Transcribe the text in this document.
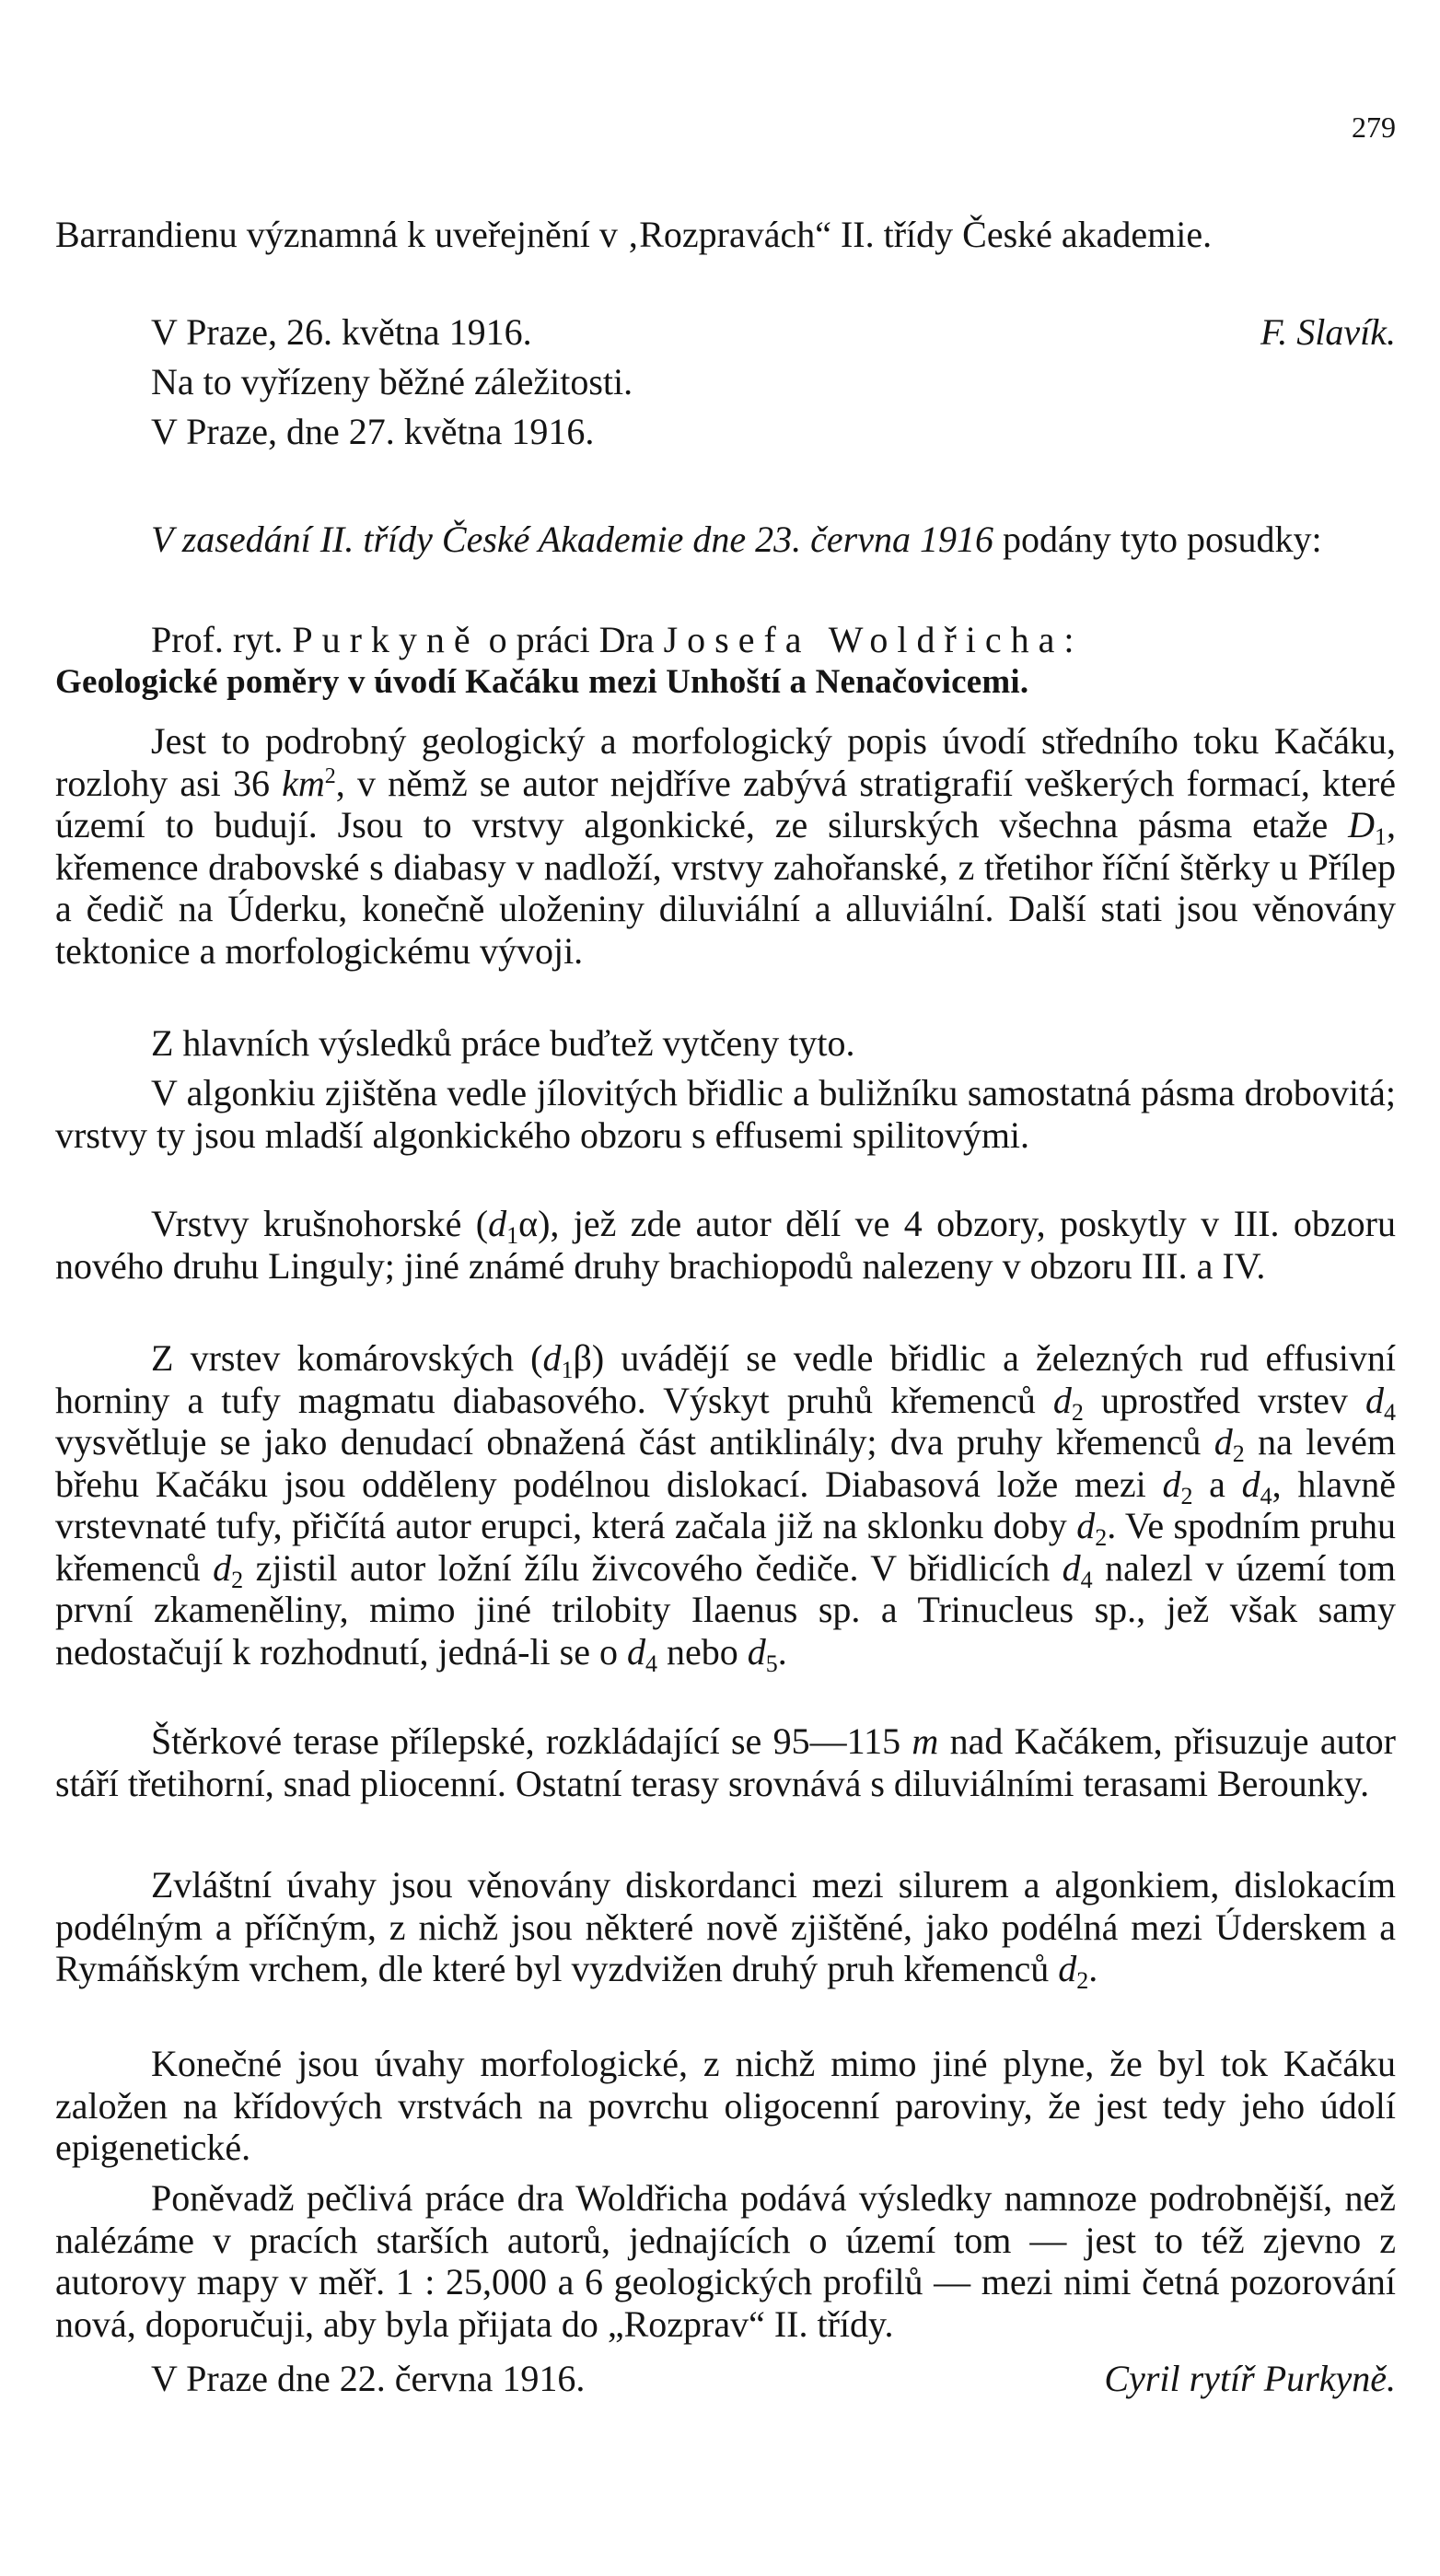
279
Barrandienu významná k uveřejnění v ‚Rozpravách“ II. třídy České akademie.
V Praze, 26. května 1916.	F. Slavík.
Na to vyřízeny běžné záležitosti.
V Praze, dne 27. května 1916.
V zasedání II. třídy České Akademie dne 23. června 1916 podány tyto posudky:
Prof. ryt. Purkyně o práci Dra Josefa Woldřicha:
Geologické poměry v úvodí Kačáku mezi Unhoští a Nenačovicemi.
Jest to podrobný geologický a morfologický popis úvodí středního toku Kačáku, rozlohy asi 36 $km^2$, v němž se autor nejdříve zabývá stratigrafií veškerých formací, které území to budují. Jsou to vrstvy algonkické, ze silurských všechna pásma etaže $D_1$, křemence drabovské s diabasy v nadloží, vrstvy zahořanské, z třetihor říční štěrky u Přílep a čedič na Úderku, konečně uloženiny diluviální a alluviální. Další stati jsou věnovány tektonice a morfologickému vývoji.
Z hlavních výsledků práce buďtež vytčeny tyto.
V algonkiu zjištěna vedle jílovitých břidlic a buližníku samostatná pásma drobovitá; vrstvy ty jsou mladší algonkického obzoru s effusemi spilitovými.
Vrstvy krušnohorské $(d_1\alpha)$, jež zde autor dělí ve 4 obzory, poskytly v III. obzoru nového druhu Linguly; jiné známé druhy brachiopodů nalezeny v obzoru III. a IV.
Z vrstev komárovských $(d_1\beta)$ uvádějí se vedle břidlic a železných rud effusivní horniny a tufy magmatu diabasového. Výskyt pruhů křemenců $d_2$ uprostřed vrstev $d_4$ vysvětluje se jako denudací obnažená část antiklinály; dva pruhy křemenců $d_2$ na levém břehu Kačáku jsou odděleny podélnou dislokací. Diabasová lože mezi $d_2$ a $d_4$, hlavně vrstevnaté tufy, přičítá autor erupci, která začala již na sklonku doby $d_2$. Ve spodním pruhu křemenců $d_2$ zjistil autor ložní žílu živcového čediče. V břidlicích $d_4$ nalezl v území tom první zkameněliny, mimo jiné trilobity Ilaenus sp. a Trinucleus sp., jež však samy nedostačují k rozhodnutí, jedná-li se o $d_4$ nebo $d_5$.
Štěrkové terase přílepské, rozkládající se 95—115 m nad Kačákem, přisuzuje autor stáří třetihorní, snad pliocenní. Ostatní terasy srovnává s diluviálními terasami Berounky.
Zvláštní úvahy jsou věnovány diskordanci mezi silurem a algonkiem, dislokacím podélným a příčným, z nichž jsou některé nově zjištěné, jako podélná mezi Úderskem a Rymáňským vrchem, dle které byl vyzdvižen druhý pruh křemenců $d_2$.
Konečné jsou úvahy morfologické, z nichž mimo jiné plyne, že byl tok Kačáku založen na křídových vrstvách na povrchu oligocenní paroviny, že jest tedy jeho údolí epigenetické.
Poněvadž pečlivá práce dra Woldřicha podává výsledky namnoze podrobnější, než nalézáme v pracích starších autorů, jednajících o území tom — jest to též zjevno z autorovy mapy v měř. 1 : 25,000 a 6 geologických profilů — mezi nimi četná pozorování nová, doporučuji, aby byla přijata do „Rozprav“ II. třídy.
V Praze dne 22. června 1916.	Cyril rytíř Purkyně.
